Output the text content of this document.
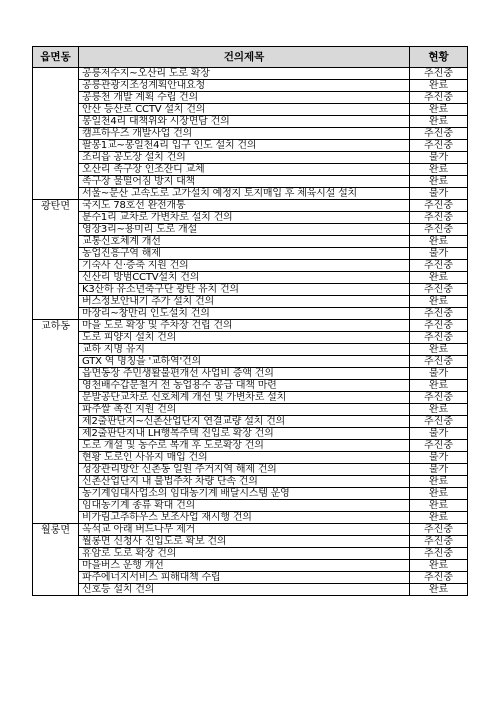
읍면동	건의제목	현황
	공릉저수지~오산리 도로 확장	추진중
	공릉관광지조성계획안내요청	완료
	공릉천 개발 계획 수립 건의	추진중
	안산 등산로 CCTV 설치 건의	완료
	봉일천4리 대책위와 시장면담 건의	완료
	캠프하우즈 개발사업 건의	추진중
	팔봉1교~봉일천4리 입구 인도 설치 건의	추진중
	조리읍 공도장 설치 건의	불가
	오산리 족구장 인조잔디 교체	완료
	족구장 물떨어짐 방지 대책	완료
	서울~문산 고속도로 고가설치 예정지 토지매입 후 체육시설 설치	불가
광탄면	국지도 78호선 완전개통	추진중
	분수1리 교차로 가변차로 설치 건의	추진중
	영장3리~용미리 도로 개설	추진중
	교통신호체계 개선	완료
	농업진흥구역 해제	불가
	기숙사 신·증축 지원 건의	추진중
	신산리 방범CCTV설치 건의	완료
	K3산하 유소년축구단 광탄 유치 건의	추진중
	버스정보안내기 추가 설치 건의	완료
	마장리~창만리 인도설치 건의	추진중
교하동	마을 도로 확장 및 주차장 건립 건의	추진중
	도로 피양지 설치 건의	추진중
	교하 지명 유지	완료
	GTX 역 명칭을 '교하역'건의	추진중
	읍면동장 주민생활불편개선 사업비 증액 건의	불가
	영천배수갑문철거 전 농업용수 공급 대책 마련	완료
	문발공단교차로 신호체계 개선 및 가변차로 설치	추진중
	파주쌀 촉진 지원 건의	완료
	제2출판단지~신촌산업단지 연결교량 설치 건의	추진중
	제2출판단지내 LH행복주택 진입로 확장 건의	불가
	도로 개설 및 농수로 복개 후 도로확장 건의	추진중
	현황 도로인 사유지 매입 건의	불가
	성장관리방안 신촌동 일원 주거지역 해제 건의	불가
	신촌산업단지 내 불법주차 차량 단속 건의	완료
	농기계임대사업소의 임대농기계 배달시스템 운영	완료
	임대농기계 종류 확대 건의	완료
	비가림고추하우스 보조사업 재시행 건의	완료
월롱면	옥석교 아래 버드나무 제거	추진중
	월롱면 신청사 진입도로 확보 건의	추진중
	휴암로 도로 확장 건의	추진중
	마을버스 운행 개선	완료
	파주에너지서비스 피해대책 수립	추진중
	신호등 설치 건의	완료
